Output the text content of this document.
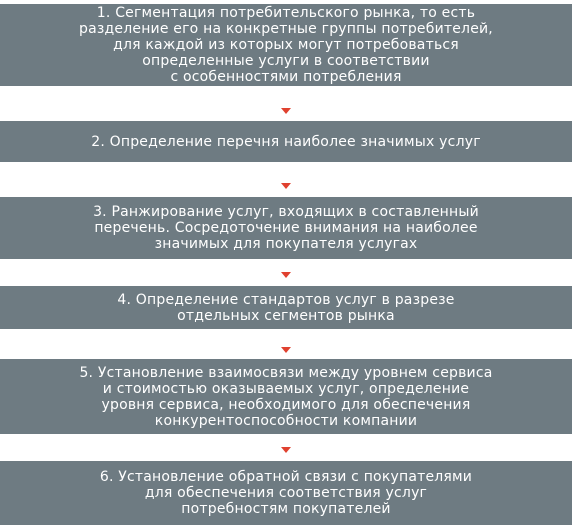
1. Сегментация потребительского рынка, то есть
разделение его на конкретные группы потребителей,
для каждой из которых могут потребоваться
определенные услуги в соответствии
с особенностями потребления
2. Определение перечня наиболее значимых услуг
3. Ранжирование услуг, входящих в составленный
перечень. Сосредоточение внимания на наиболее
значимых для покупателя услугах
4. Определение стандартов услуг в разрезе
отдельных сегментов рынка
5. Установление взаимосвязи между уровнем сервиса
и стоимостью оказываемых услуг, определение
уровня сервиса, необходимого для обеспечения
конкурентоспособности компании
6. Установление обратной связи с покупателями
для обеспечения соответствия услуг
потребностям покупателей
